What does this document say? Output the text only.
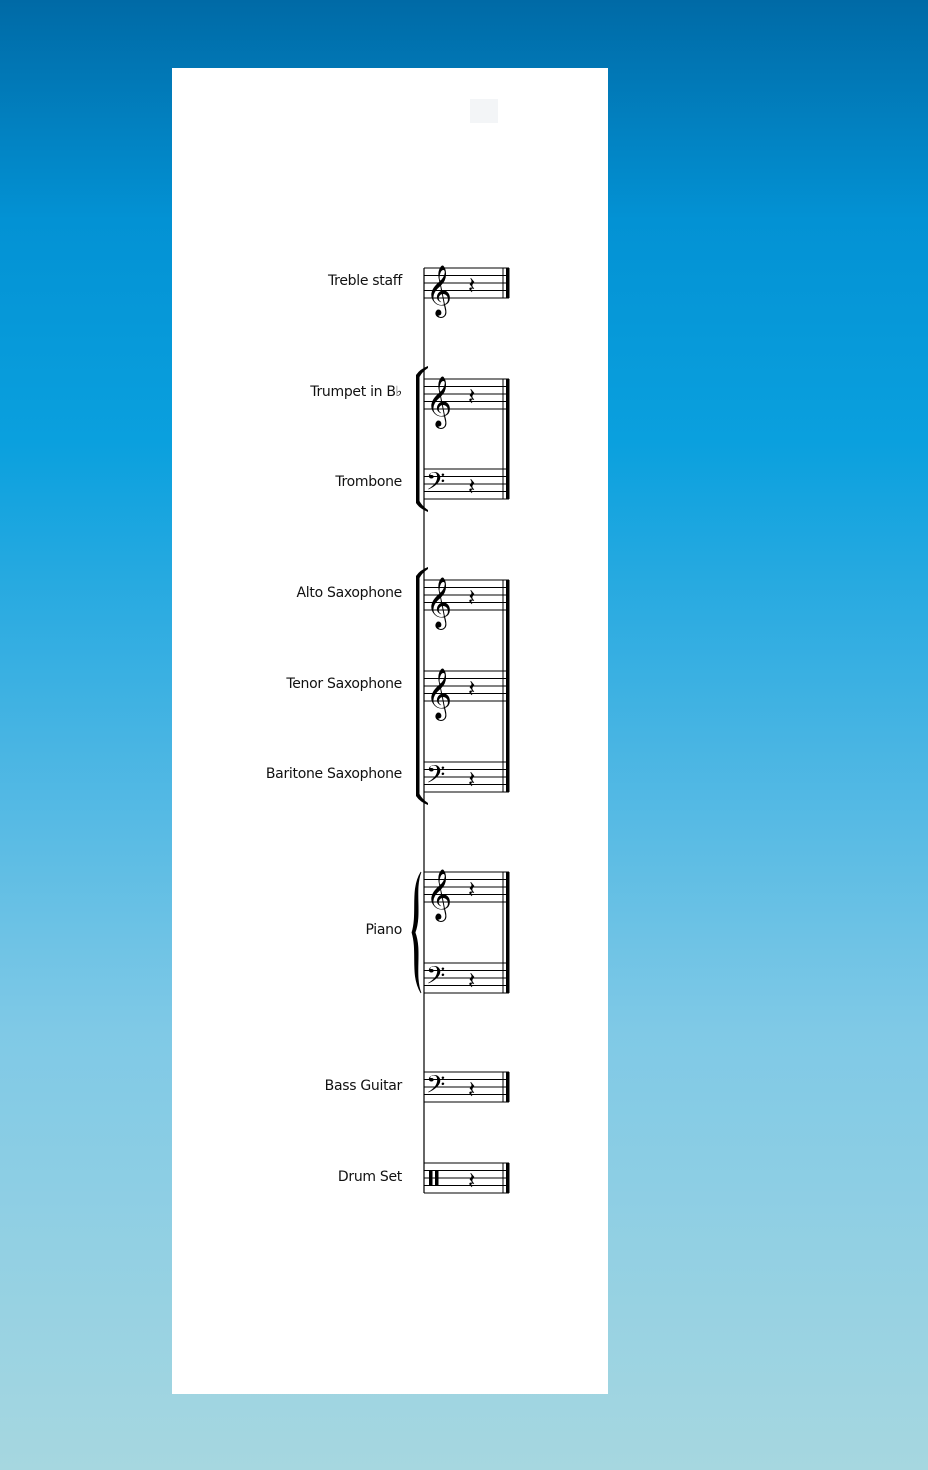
Treble staff
Trumpet in B♭
Trombone
Alto Saxophone
Tenor Saxophone
Baritone Saxophone
Piano
Bass Guitar
Drum Set
𝄞 𝄽
𝄞 𝄽
𝄢 𝄽
𝄞 𝄽
𝄞 𝄽
𝄢 𝄽
𝄞 𝄽
𝄢 𝄽
𝄢 𝄽
𝄽
